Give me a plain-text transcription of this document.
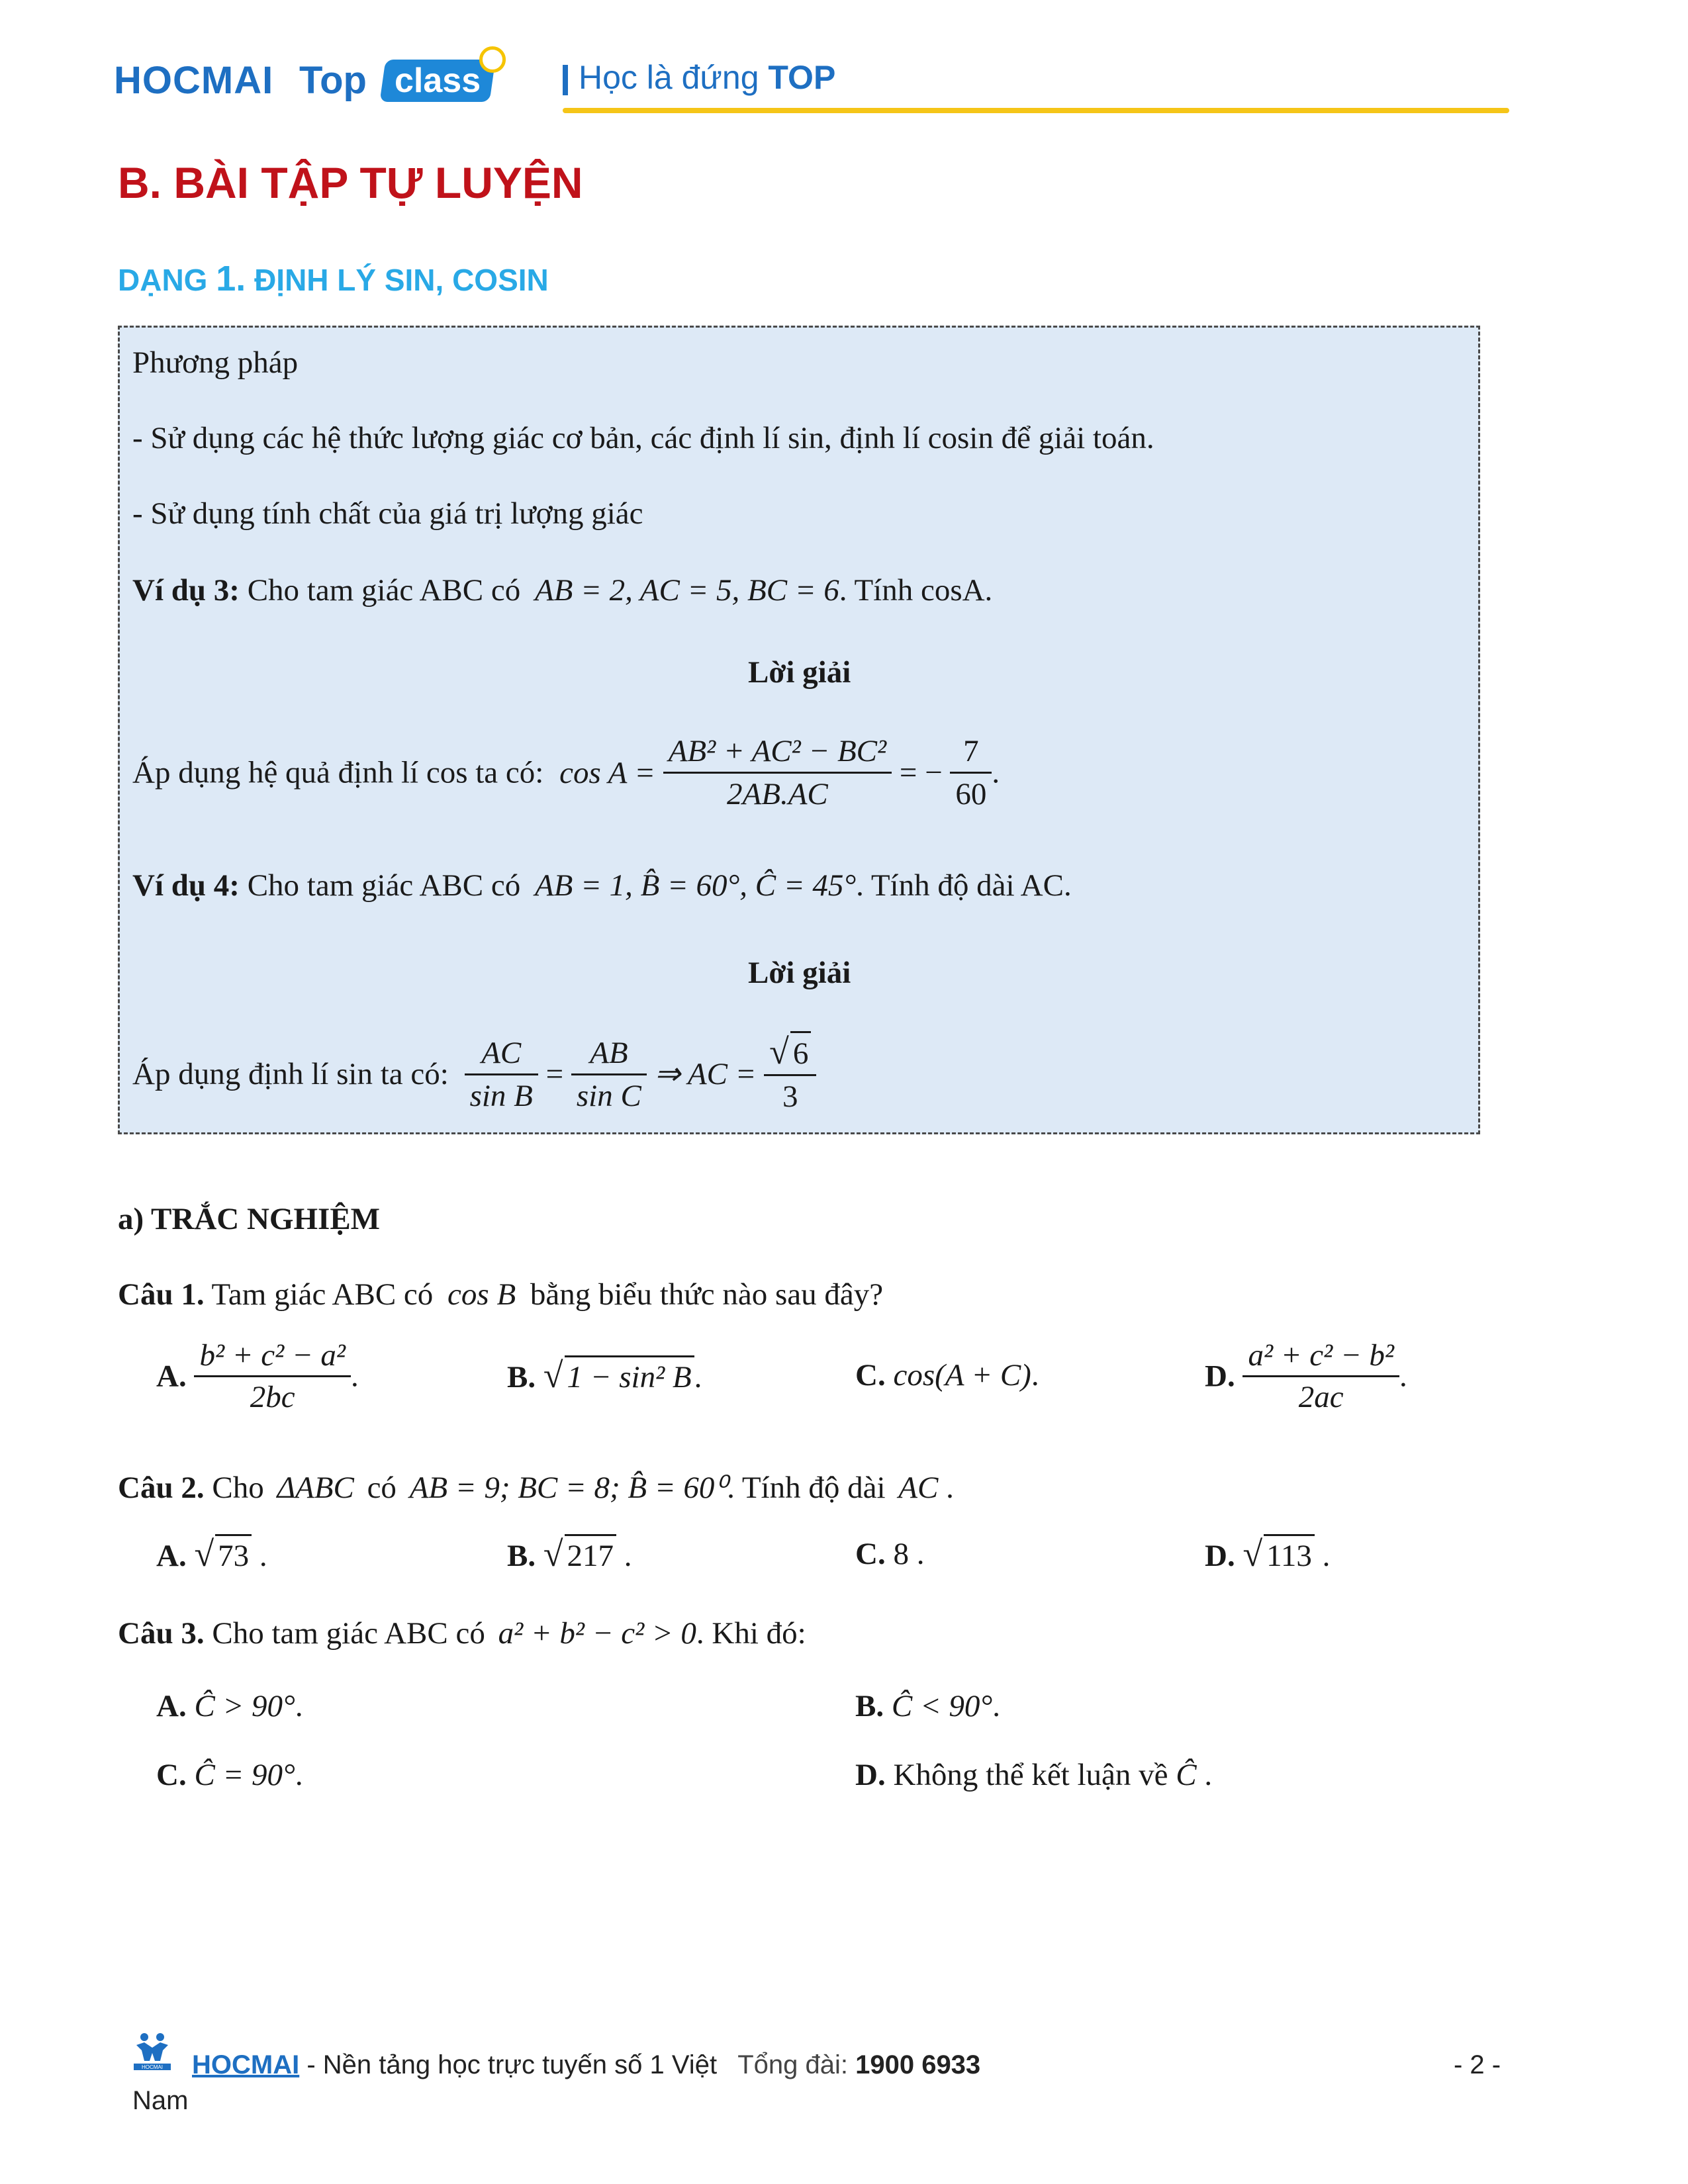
HOCMAI Top class	Học là đứng TOP
B. BÀI TẬP TỰ LUYỆN
DẠNG 1. ĐỊNH LÝ SIN, COSIN
Phương pháp
- Sử dụng các hệ thức lượng giác cơ bản, các định lí sin, định lí cosin để giải toán.
- Sử dụng tính chất của giá trị lượng giác
Ví dụ 3: Cho tam giác ABC có AB = 2, AC = 5, BC = 6. Tính cosA.
Lời giải
Áp dụng hệ quả định lí cos ta có: $\cos A = \frac{\text{AB² + AC² − BC²}}{2AB.AC}$ = − $\frac{7}{60}$ .
Ví dụ 4: Cho tam giác ABC có AB = 1, B̂ = 60°, Ĉ = 45°. Tính độ dài AC.
Lời giải
Áp dụng định lí sin ta có: $\frac{AC}{\text{sin B}} = \frac{AB}{\text{sin C}}$ ⇒ AC = $\frac{√ 6}{3}$
a) TRẮC NGHIỆM
Câu 1. Tam giác ABC có cos B bằng biểu thức nào sau đây?
A. $\frac{\text{b² + c² − a²}}{2bc}$ .	B. √ 1 − sin² B.	C. cos(A + C).	D. $\frac{\text{a² + c² − b²}}{2ac}$ .
Câu 2. Cho ΔABC có AB = 9; BC = 8; B̂ = 60⁰. Tính độ dài AC .
A. √ 73 .	B. √ 217 .	C. 8 .	D. √ 113 .
Câu 3. Cho tam giác ABC có a² + b² − c² > 0. Khi đó:
A. Ĉ > 90°.	B. Ĉ < 90°.
C. Ĉ = 90°.	D. Không thể kết luận về Ĉ .
HOCMAI HOCMAI - Nền tảng học trực tuyến số 1 Việt Tổng đài: 1900 6933	- 2 -
Nam
